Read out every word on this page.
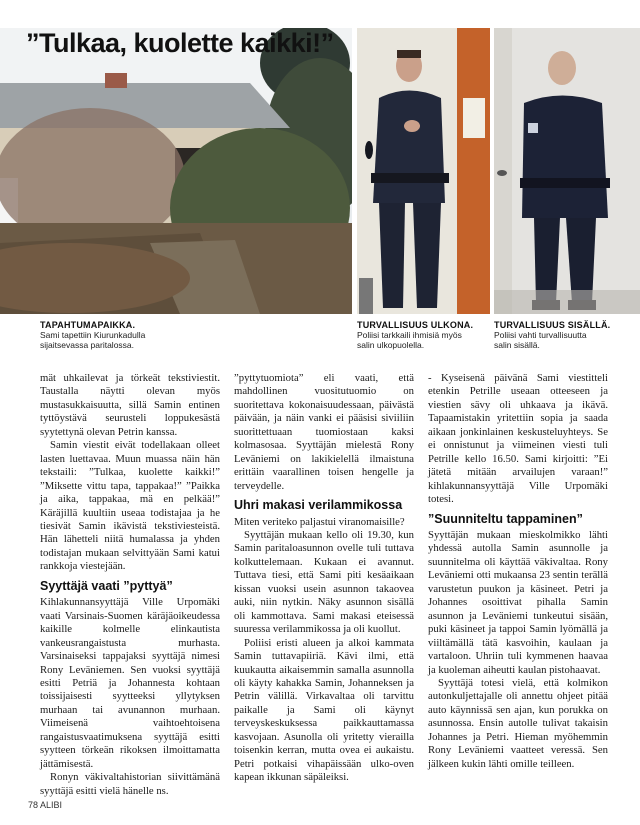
”Tulkaa, kuolette kaikki!”
TAPAHTUMAPAIKKA.
Sami tapettiin Kiurunkadulla
sijaitsevassa paritalossa.
TURVALLISUUS ULKONA.
Poliisi tarkkaili ihmisiä myös
salin ulkopuolella.
TURVALLISUUS SISÄLLÄ.
Poliisi vahti turvallisuutta
salin sisällä.

mät uhkailevat ja törkeät tekstiviestit. Taustalla näytti olevan myös mustasukkaisuutta, sillä Samin entinen tyttöystävä seurusteli loppukesästä syytettynä olevan Petrin kanssa.

Samin viestit eivät todellakaan olleet lasten luettavaa. Muun muassa näin hän tekstaili: ”Tulkaa, kuolette kaikki!” ”Miksette vittu tapa, tappakaa!” ”Paikka ja aika, tappakaa, mä en pelkää!” Käräjillä kuultiin useaa todistajaa ja he tiesivät Samin ikävistä tekstiviesteistä. Hän lähetteli niitä humalassa ja yhden todistajan mukaan selvittyään Sami katui rankkoja viestejään.

Syyttäjä vaati ”pyttyä”

Kihlakunnansyyttäjä Ville Urpomäki vaati Varsinais-Suomen käräjäoikeudessa kaikille kolmelle elinkautista vankeusrangaistusta murhasta. Varsinaiseksi tappajaksi syyttäjä nimesi Rony Leväniemen. Sen vuoksi syyttäjä esitti Petriä ja Johannesta kohtaan toissijaisesti syytteeksi yllytyksen murhaan tai avunannon murhaan. Viimeisenä vaihtoehtoisena rangaistusvaatimuksena syyttäjä esitti syytteen törkeän rikoksen ilmoittamatta jättämisestä.

Ronyn väkivaltahistorian siivittämänä syyttäjä esitti vielä hänelle ns.

”pyttytuomiota” eli vaati, että mahdollinen vuositutuomio on suoritettava kokonaisuudessaan, päivästä päivään, ja näin vanki ei pääsisi siviiliin suorittettuaan tuomiostaan kaksi kolmasosaa. Syyttäjän mielestä Rony Leväniemi on lakikielellä ilmaistuna erittäin vaarallinen toisen hengelle ja terveydelle.

Uhri makasi verilammikossa

Miten veriteko paljastui viranomaisille?

Syyttäjän mukaan kello oli 19.30, kun Samin paritaloasunnon ovelle tuli tuttava kolkuttelemaan. Kukaan ei avannut. Tuttava tiesi, että Sami piti kesäaikaan kissan vuoksi usein asunnon takaovea auki, niin nytkin. Näky asunnon sisällä oli kammottava. Sami makasi eteisessä suuressa verilammikossa ja oli kuollut.

Poliisi eristi alueen ja alkoi kammata Samin tuttavapiiriä. Kävi ilmi, että kuukautta aikaisemmin samalla asunnolla oli käyty kahakka Samin, Johanneksen ja Petrin välillä. Virkavaltaa oli tarvittu paikalle ja Sami oli käynyt terveyskeskuksessa paikkauttamassa kasvojaan. Asunolla oli yritetty vierailla toisenkin kerran, mutta ovea ei aukaistu. Petri potkaisi vihapäissään ulko-oven kapean ikkunan säpäleiksi.

- Kyseisenä päivänä Sami viestitteli etenkin Petrille useaan otteeseen ja viestien sävy oli uhkaava ja ikävä. Tapaamistakin yritettiin sopia ja saada aikaan jonkinlainen keskusteluyhteys. Se ei onnistunut ja viimeinen viesti tuli Petrille kello 16.50. Sami kirjoitti: ”Ei jätetä mitään arvailujen varaan!” kihlakunnansyyttäjä Ville Urpomäki totesi.

”Suunniteltu tappaminen”

Syyttäjän mukaan mieskolmikko lähti yhdessä autolla Samin asunnolle ja suunnitelma oli käyttää väkivaltaa. Rony Leväniemi otti mukaansa 23 sentin terällä varustetun puukon ja käsineet. Petri ja Johannes osoittivat pihalla Samin asunnon ja Leväniemi tunkeutui sisään, puki käsineet ja tappoi Samin lyömällä ja viiltämällä tätä kasvoihin, kaulaan ja vartaloon. Uhriin tuli kymmenen haavaa ja kuoleman aiheutti kaulan pistohaavat.

Syyttäjä totesi vielä, että kolmikon autonkuljettajalle oli annettu ohjeet pitää auto käynnissä sen ajan, kun porukka on asunnossa. Ensin autolle tulivat takaisin Johannes ja Petri. Hieman myöhemmin Rony Leväniemi vaatteet veressä. Sen jälkeen kukin lähti omille teilleen.

78 ALIBI
